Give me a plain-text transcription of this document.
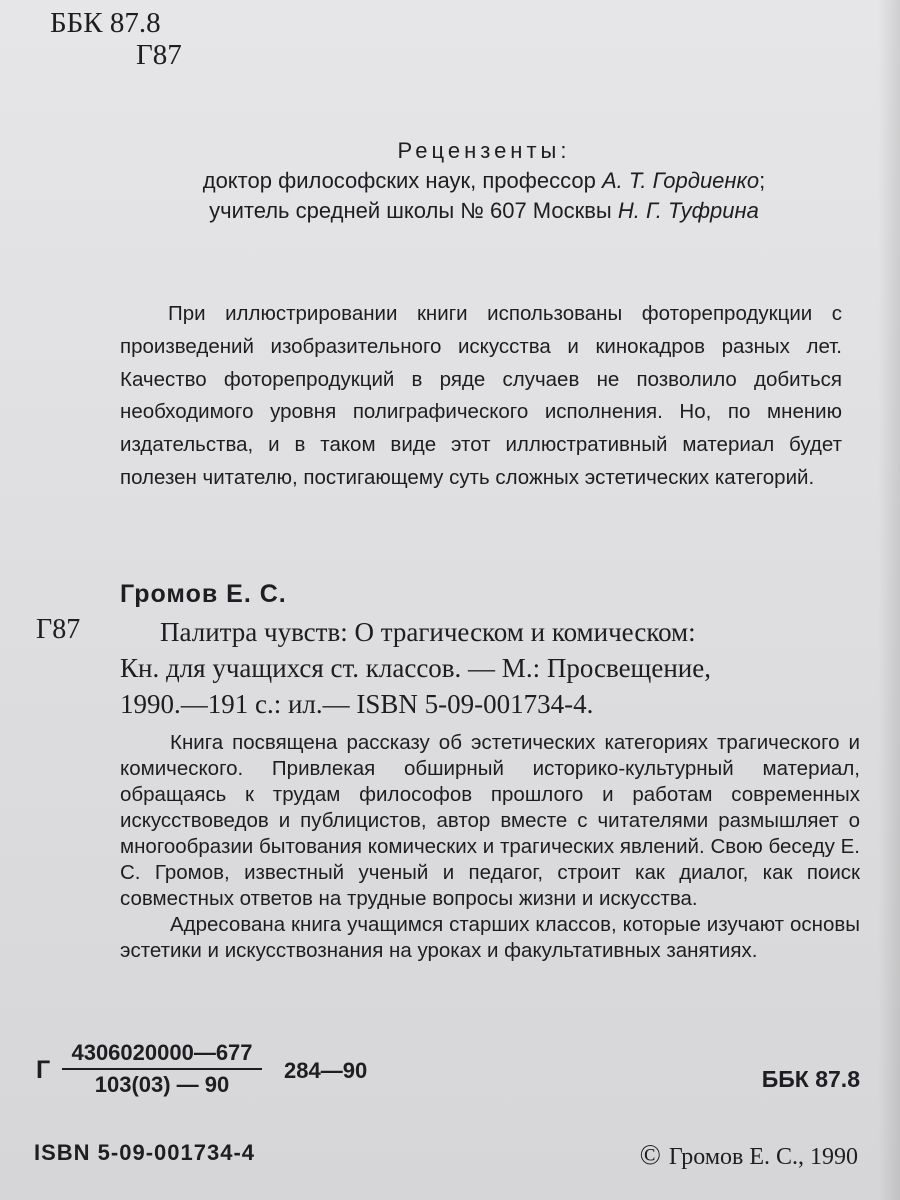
ББК 87.8
Г87
Рецензенты:
доктор философских наук, профессор А. Т. Гордиенко;
учитель средней школы № 607 Москвы Н. Г. Туфрина

При иллюстрировании книги использованы фоторепродукции с произведений изобразительного искусства и кинокадров разных лет. Качество фоторепродукций в ряде случаев не позволило добиться необходимого уровня полиграфического исполнения. Но, по мнению издательства, и в таком виде этот иллюстративный материал будет полезен читателю, постигающему суть сложных эстетических категорий.

Громов Е. С.
Г87	Палитра чувств: О трагическом и комическом:
Кн. для учащихся ст. классов. — М.: Просвещение,
1990.—191 с.: ил.— ISBN 5-09-001734-4.

Книга посвящена рассказу об эстетических категориях трагического и комического. Привлекая обширный историко-культурный материал, обращаясь к трудам философов прошлого и работам современных искусствоведов и публицистов, автор вместе с читателями размышляет о многообразии бытования комических и трагических явлений. Свою беседу Е. С. Громов, известный ученый и педагог, строит как диалог, как поиск совместных ответов на трудные вопросы жизни и искусства.

Адресована книга учащимся старших классов, которые изучают основы эстетики и искусствознания на уроках и факультативных занятиях.

Г
4306020000—677
103(03) — 90
284—90	ББК 87.8
ISBN 5-09-001734-4	© Громов Е. С., 1990
